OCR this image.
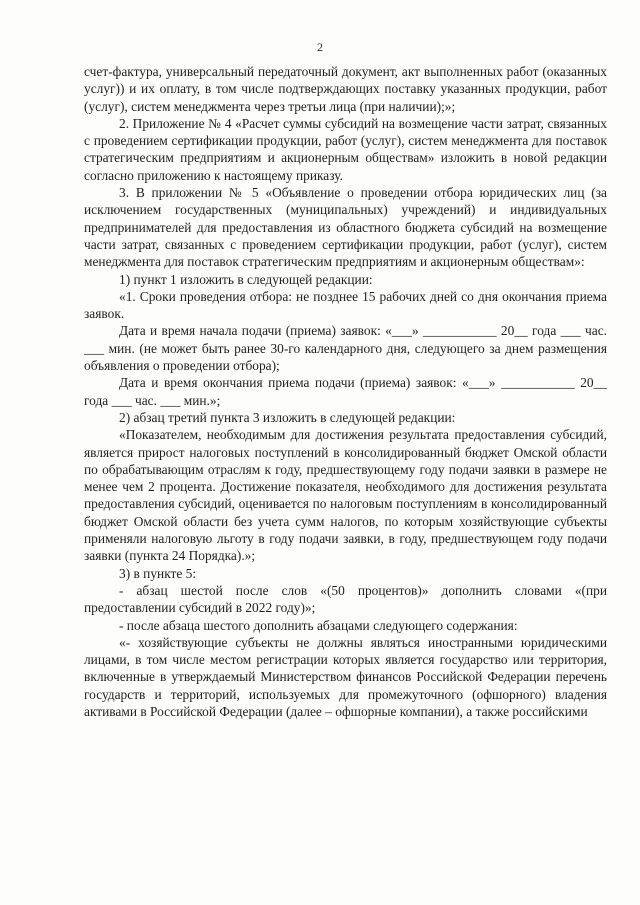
2

счет-фактура, универсальный передаточный документ, акт выполненных работ (оказанных услуг)) и их оплату, в том числе подтверждающих поставку указанных продукции, работ (услуг), систем менеджмента через третьи лица (при наличии);»;

2. Приложение № 4 «Расчет суммы субсидий на возмещение части затрат, связанных с проведением сертификации продукции, работ (услуг), систем менеджмента для поставок стратегическим предприятиям и акционерным обществам» изложить в новой редакции согласно приложению к настоящему приказу.

3. В приложении № 5 «Объявление о проведении отбора юридических лиц (за исключением государственных (муниципальных) учреждений) и индивидуальных предпринимателей для предоставления из областного бюджета субсидий на возмещение части затрат, связанных с проведением сертификации продукции, работ (услуг), систем менеджмента для поставок стратегическим предприятиям и акционерным обществам»:

1) пункт 1 изложить в следующей редакции:

«1. Сроки проведения отбора: не позднее 15 рабочих дней со дня окончания приема заявок.

Дата и время начала подачи (приема) заявок: «___» ___________ 20__ года ___ час. ___ мин. (не может быть ранее 30-го календарного дня, следующего за днем размещения объявления о проведении отбора);

Дата и время окончания приема подачи (приема) заявок: «___» ___________ 20__ года ___ час. ___ мин.»;

2) абзац третий пункта 3 изложить в следующей редакции:

«Показателем, необходимым для достижения результата предоставления субсидий, является прирост налоговых поступлений в консолидированный бюджет Омской области по обрабатывающим отраслям к году, предшествующему году подачи заявки в размере не менее чем 2 процента. Достижение показателя, необходимого для достижения результата предоставления субсидий, оценивается по налоговым поступлениям в консолидированный бюджет Омской области без учета сумм налогов, по которым хозяйствующие субъекты применяли налоговую льготу в году подачи заявки, в году, предшествующем году подачи заявки (пункта 24 Порядка).»;

3) в пункте 5:

- абзац шестой после слов «(50 процентов)» дополнить словами «(при предоставлении субсидий в 2022 году)»;

- после абзаца шестого дополнить абзацами следующего содержания:

«- хозяйствующие субъекты не должны являться иностранными юридическими лицами, в том числе местом регистрации которых является государство или территория, включенные в утверждаемый Министерством финансов Российской Федерации перечень государств и территорий, используемых для промежуточного (офшорного) владения активами в Российской Федерации (далее – офшорные компании), а также российскими
